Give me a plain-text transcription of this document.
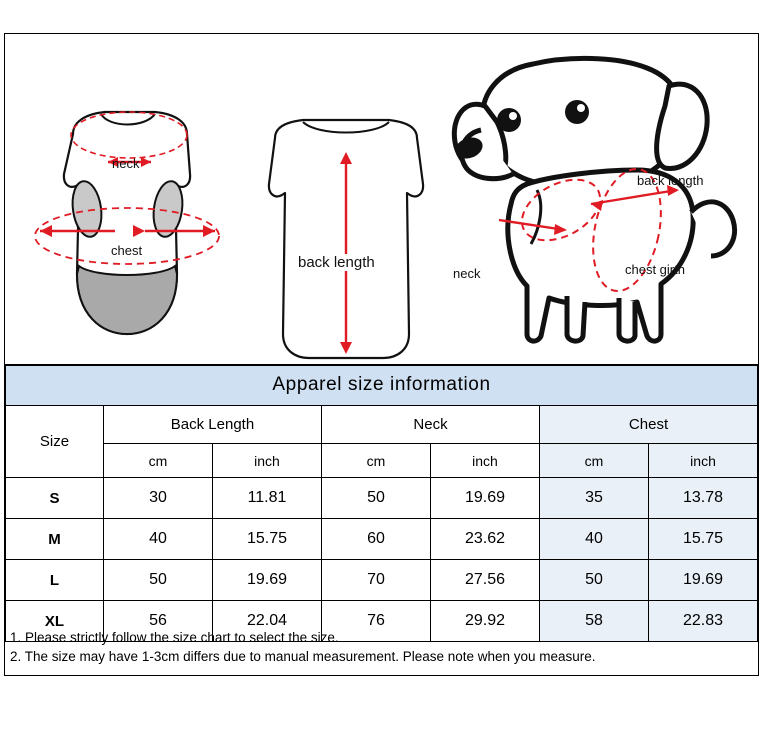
neck
chest
back length
back length
neck	chest girth
Apparel size information						
Size	Back Length		Neck		Chest	
	cm	inch	cm	inch	cm	inch
S	30	11.81	50	19.69	35	13.78
M	40	15.75	60	23.62	40	15.75
L	50	19.69	70	27.56	50	19.69
XL	56	22.04	76	29.92	58	22.83
1. Please strictly follow the size chart to select the size.
2. The size may have 1-3cm differs due to manual measurement. Please note when you measure.
